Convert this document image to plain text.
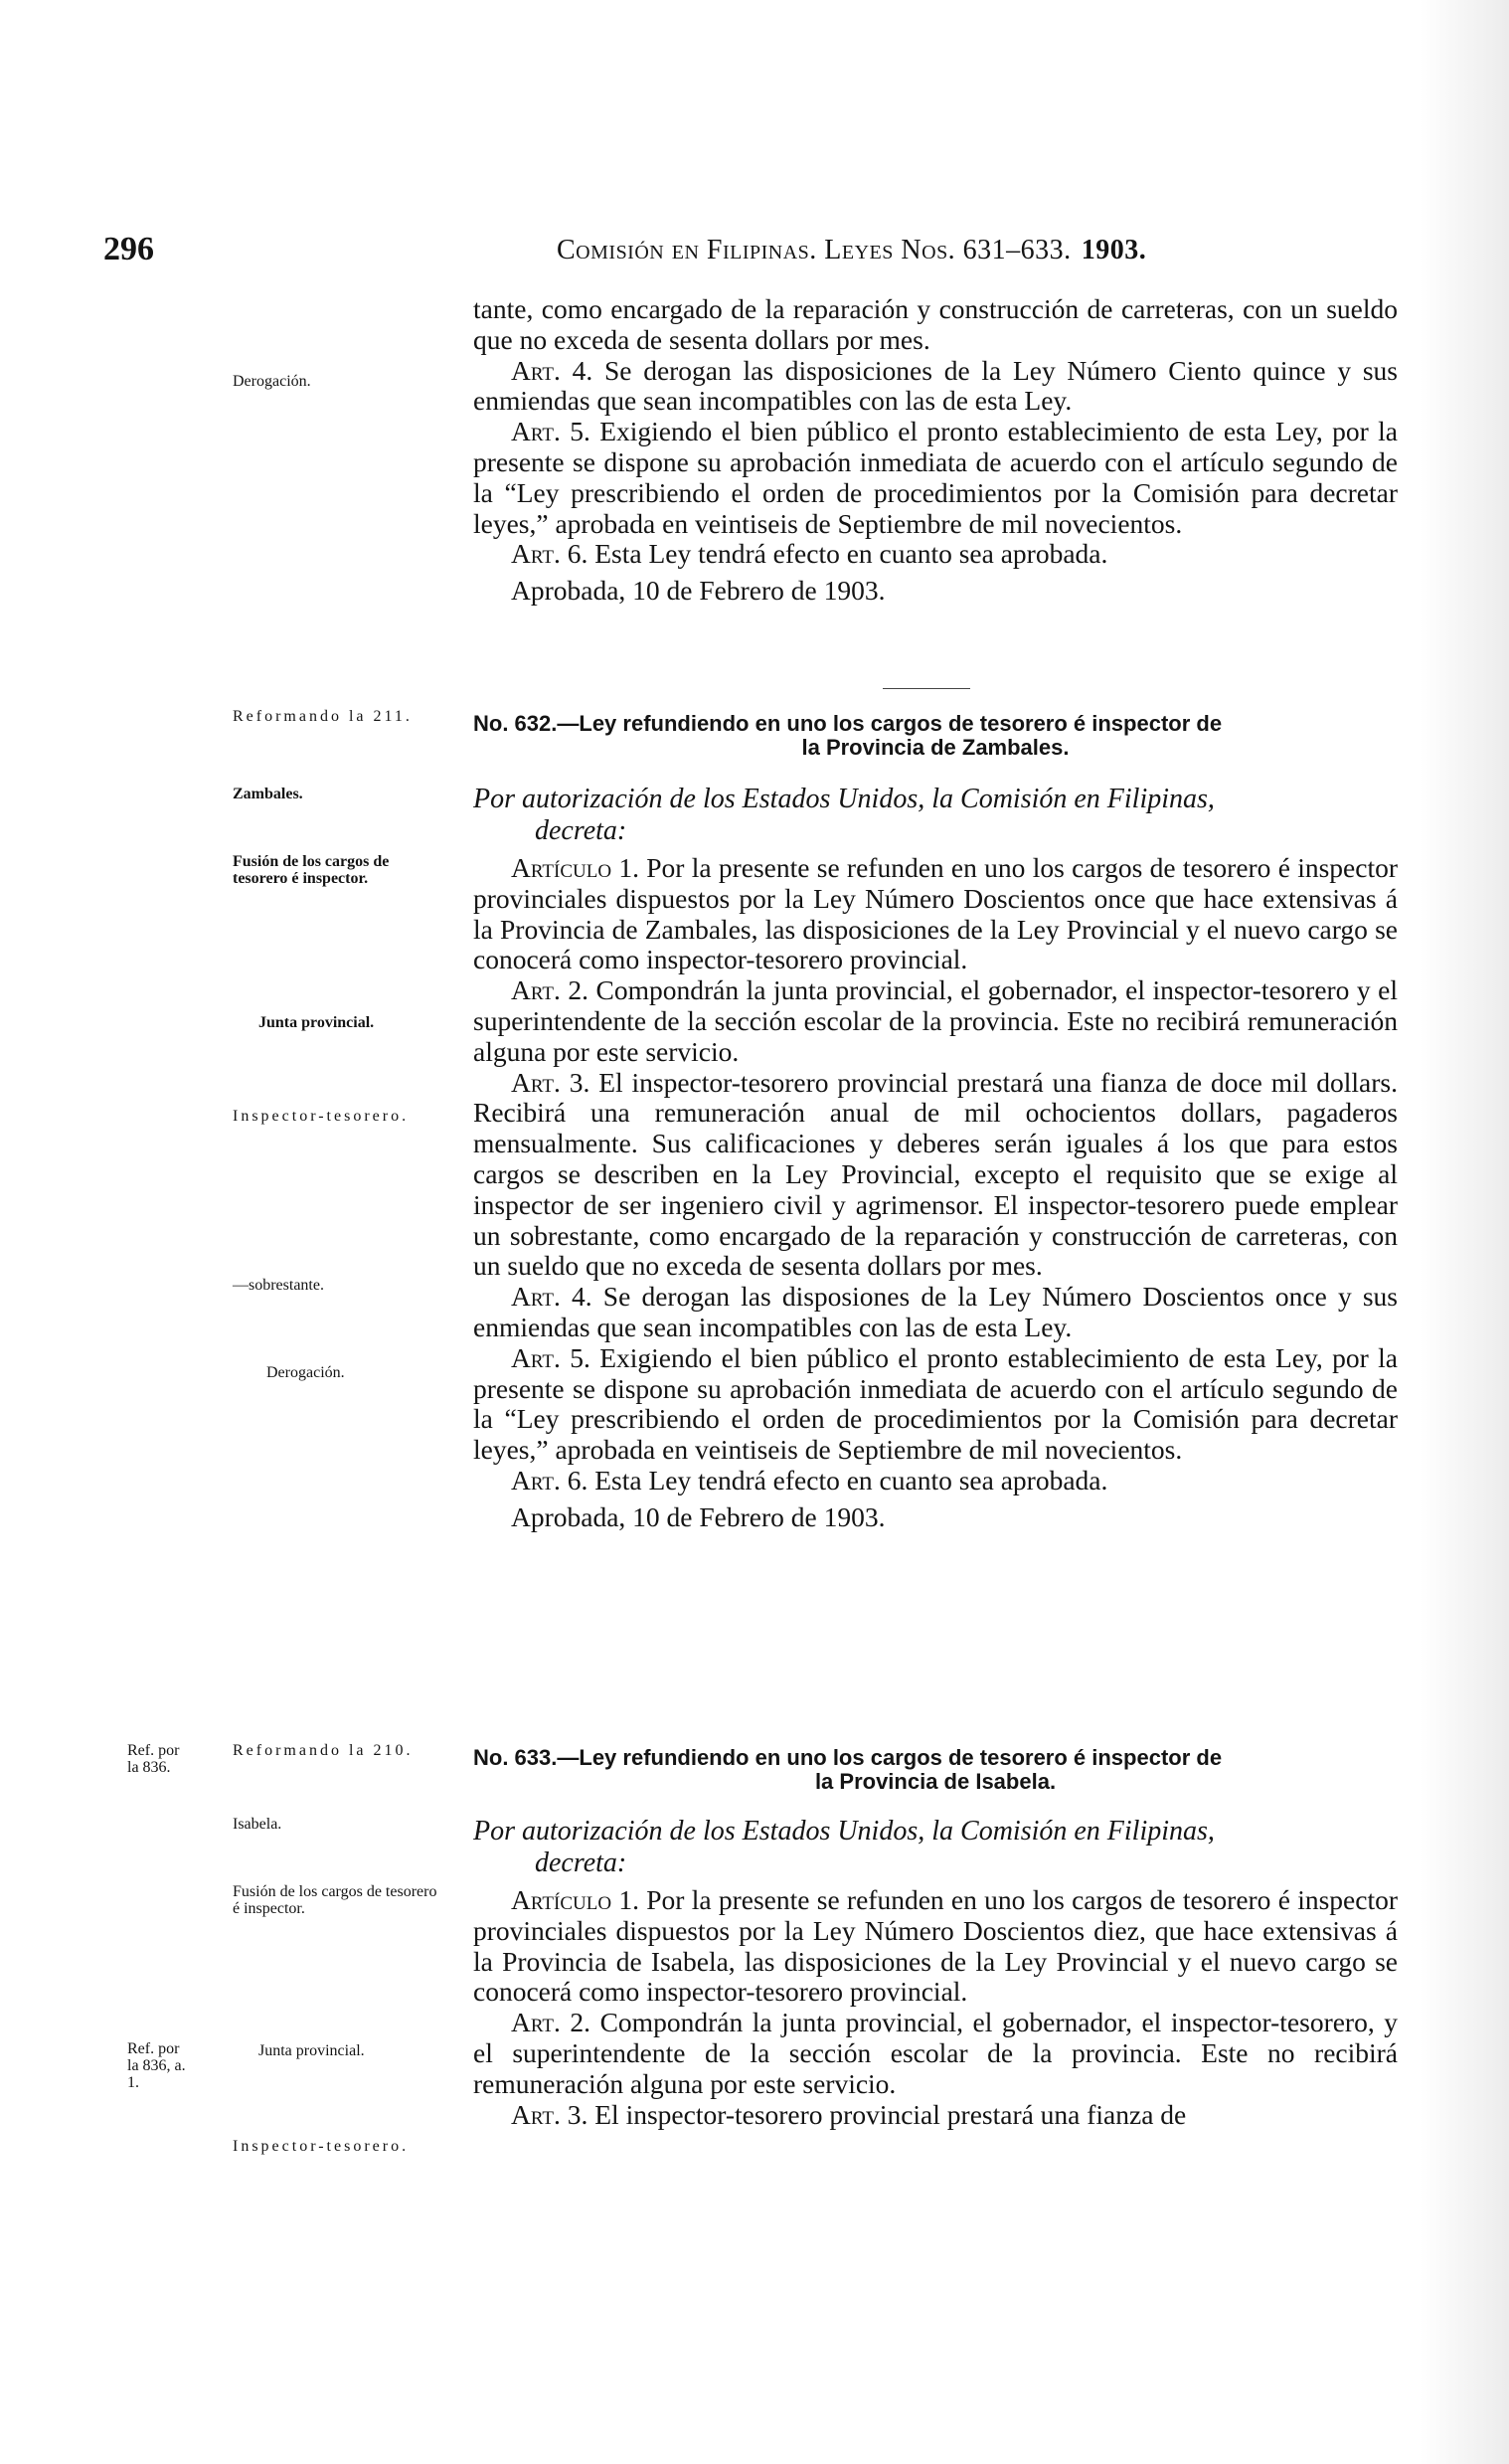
296	Comisión en Filipinas. Leyes Nos. 631–633. 1903.
Derogación.

tante, como encargado de la reparación y construcción de carreteras, con un sueldo que no exceda de sesenta dollars por mes.

Art. 4. Se derogan las disposiciones de la Ley Número Ciento quince y sus enmiendas que sean incompatibles con las de esta Ley.

Art. 5. Exigiendo el bien público el pronto establecimiento de esta Ley, por la presente se dispone su aprobación inmediata de acuerdo con el artículo segundo de la “Ley prescribiendo el orden de procedimientos por la Comisión para decretar leyes,” aprobada en veintiseis de Septiembre de mil novecientos.

Art. 6. Esta Ley tendrá efecto en cuanto sea aprobada.

Aprobada, 10 de Febrero de 1903.

Reformando la 211.
Zambales.
Fusión de los cargos de tesorero é inspector.
Junta provincial.
Inspector-tesorero.
—sobrestante.
Derogación.
No. 632.—Ley refundiendo en uno los cargos de tesorero é inspector de
la Provincia de Zambales.
Por autorización de los Estados Unidos, la Comisión en Filipinas,
decreta:

Artículo 1. Por la presente se refunden en uno los cargos de tesorero é inspector provinciales dispuestos por la Ley Número Doscientos once que hace extensivas á la Provincia de Zambales, las disposiciones de la Ley Provincial y el nuevo cargo se conocerá como inspector-tesorero provincial.

Art. 2. Compondrán la junta provincial, el gobernador, el inspector-tesorero y el superintendente de la sección escolar de la provincia. Este no recibirá remuneración alguna por este servicio.

Art. 3. El inspector-tesorero provincial prestará una fianza de doce mil dollars. Recibirá una remuneración anual de mil ochocientos dollars, pagaderos mensualmente. Sus calificaciones y deberes serán iguales á los que para estos cargos se describen en la Ley Provincial, excepto el requisito que se exige al inspector de ser ingeniero civil y agrimensor. El inspector-tesorero puede emplear un sobrestante, como encargado de la reparación y construcción de carreteras, con un sueldo que no exceda de sesenta dollars por mes.

Art. 4. Se derogan las disposiones de la Ley Número Doscientos once y sus enmiendas que sean incompatibles con las de esta Ley.

Art. 5. Exigiendo el bien público el pronto establecimiento de esta Ley, por la presente se dispone su aprobación inmediata de acuerdo con el artículo segundo de la “Ley prescribiendo el orden de procedimientos por la Comisión para decretar leyes,” aprobada en veintiseis de Septiembre de mil novecientos.

Art. 6. Esta Ley tendrá efecto en cuanto sea aprobada.

Aprobada, 10 de Febrero de 1903.

Ref. por la 836.
Reformando la 210.
Isabela.
Fusión de los cargos de tesorero é inspector.
Ref. por la 836, a. 1.
Junta provincial.
Inspector-tesorero.
No. 633.—Ley refundiendo en uno los cargos de tesorero é inspector de
la Provincia de Isabela.
Por autorización de los Estados Unidos, la Comisión en Filipinas,
decreta:

Artículo 1. Por la presente se refunden en uno los cargos de tesorero é inspector provinciales dispuestos por la Ley Número Doscientos diez, que hace extensivas á la Provincia de Isabela, las disposiciones de la Ley Provincial y el nuevo cargo se conocerá como inspector-tesorero provincial.

Art. 2. Compondrán la junta provincial, el gobernador, el inspector-tesorero, y el superintendente de la sección escolar de la provincia. Este no recibirá remuneración alguna por este servicio.

Art. 3. El inspector-tesorero provincial prestará una fianza de
